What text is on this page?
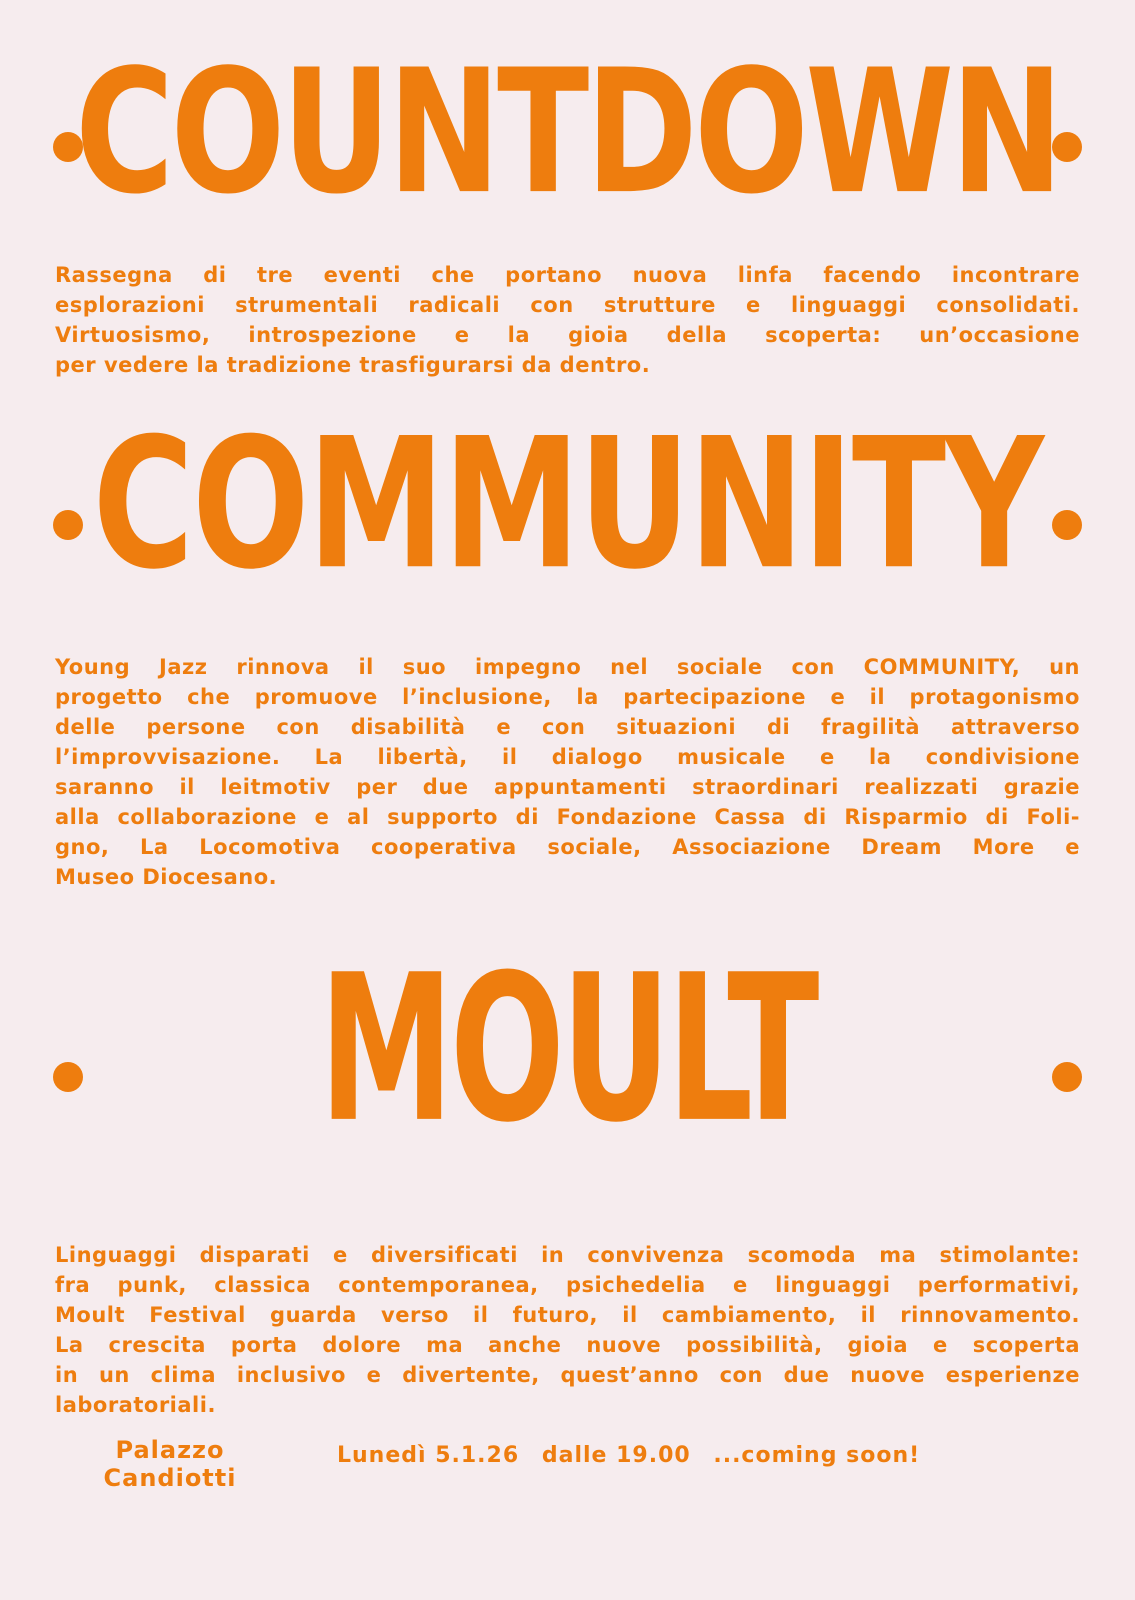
COUNTDOWN
Rassegna di tre eventi che portano nuova linfa facendo incontrare
esplorazioni strumentali radicali con strutture e linguaggi consolidati.
Virtuosismo, introspezione e la gioia della scoperta: un’occasione
per vedere la tradizione trasfigurarsi da dentro.
COMMUNITY
Young Jazz rinnova il suo impegno nel sociale con COMMUNITY, un
progetto che promuove l’inclusione, la partecipazione e il protagonismo
delle persone con disabilità e con situazioni di fragilità attraverso
l’improvvisazione. La libertà, il dialogo musicale e la condivisione
saranno il leitmotiv per due appuntamenti straordinari realizzati grazie
alla collaborazione e al supporto di Fondazione Cassa di Risparmio di Foli-
gno, La Locomotiva cooperativa sociale, Associazione Dream More e
Museo Diocesano.
MOULT
Linguaggi disparati e diversificati in convivenza scomoda ma stimolante:
fra punk, classica contemporanea, psichedelia e linguaggi performativi,
Moult Festival guarda verso il futuro, il cambiamento, il rinnovamento.
La crescita porta dolore ma anche nuove possibilità, gioia e scoperta
in un clima inclusivo e divertente, quest’anno con due nuove esperienze
laboratoriali.
Palazzo
Candiotti
Lunedì 5.1.26 dalle 19.00 ...coming soon!
